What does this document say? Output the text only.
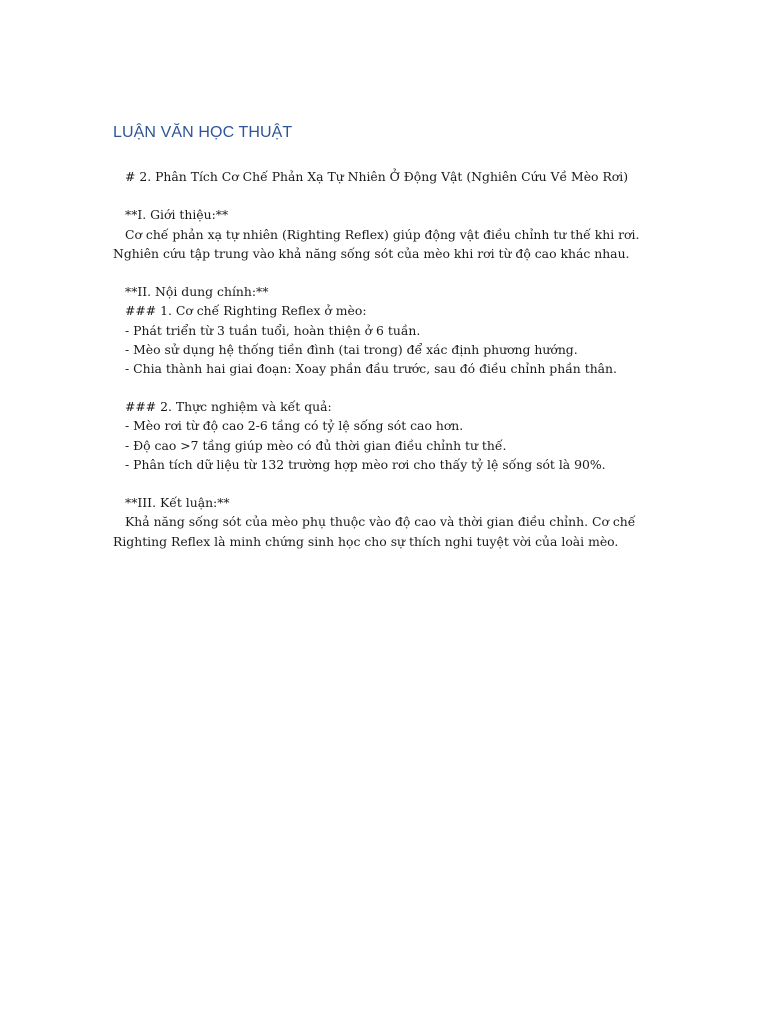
LUẬN VĂN HỌC THUẬT
# 2. Phân Tích Cơ Chế Phản Xạ Tự Nhiên Ở Động Vật (Nghiên Cứu Về Mèo Rơi)
**I. Giới thiệu:**
Cơ chế phản xạ tự nhiên (Righting Reflex) giúp động vật điều chỉnh tư thế khi rơi.
Nghiên cứu tập trung vào khả năng sống sót của mèo khi rơi từ độ cao khác nhau.
**II. Nội dung chính:**
### 1. Cơ chế Righting Reflex ở mèo:
- Phát triển từ 3 tuần tuổi, hoàn thiện ở 6 tuần.
- Mèo sử dụng hệ thống tiền đình (tai trong) để xác định phương hướng.
- Chia thành hai giai đoạn: Xoay phần đầu trước, sau đó điều chỉnh phần thân.
### 2. Thực nghiệm và kết quả:
- Mèo rơi từ độ cao 2-6 tầng có tỷ lệ sống sót cao hơn.
- Độ cao >7 tầng giúp mèo có đủ thời gian điều chỉnh tư thế.
- Phân tích dữ liệu từ 132 trường hợp mèo rơi cho thấy tỷ lệ sống sót là 90%.
**III. Kết luận:**
Khả năng sống sót của mèo phụ thuộc vào độ cao và thời gian điều chỉnh. Cơ chế
Righting Reflex là minh chứng sinh học cho sự thích nghi tuyệt vời của loài mèo.
